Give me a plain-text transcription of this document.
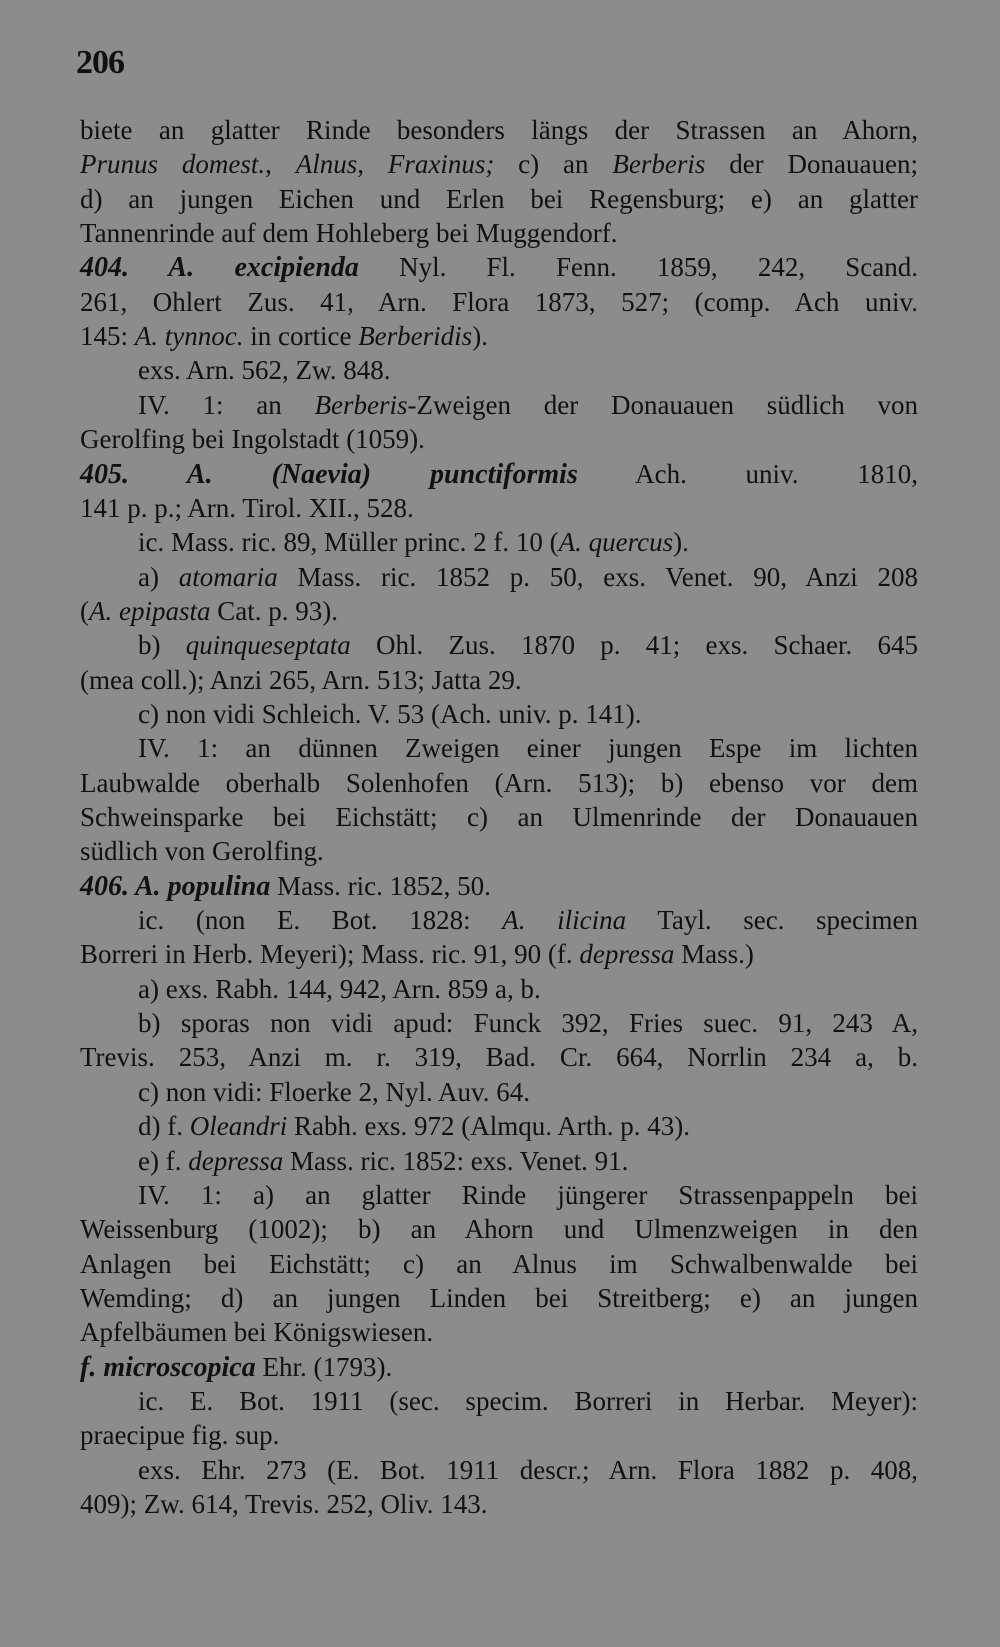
206
biete an glatter Rinde besonders längs der Strassen an Ahorn,
Prunus domest., Alnus, Fraxinus; c) an Berberis der Donauauen;
d) an jungen Eichen und Erlen bei Regensburg; e) an glatter
Tannenrinde auf dem Hohleberg bei Muggendorf.
404. A. excipienda Nyl. Fl. Fenn. 1859, 242, Scand.
261, Ohlert Zus. 41, Arn. Flora 1873, 527; (comp. Ach univ.
145: A. tynnoc. in cortice Berberidis).
exs. Arn. 562, Zw. 848.
IV. 1: an Berberis-Zweigen der Donauauen südlich von
Gerolfing bei Ingolstadt (1059).
405. A. (Naevia) punctiformis Ach. univ. 1810,
141 p. p.; Arn. Tirol. XII., 528.
ic. Mass. ric. 89, Müller princ. 2 f. 10 (A. quercus).
a) atomaria Mass. ric. 1852 p. 50, exs. Venet. 90, Anzi 208
(A. epipasta Cat. p. 93).
b) quinqueseptata Ohl. Zus. 1870 p. 41; exs. Schaer. 645
(mea coll.); Anzi 265, Arn. 513; Jatta 29.
c) non vidi Schleich. V. 53 (Ach. univ. p. 141).
IV. 1: an dünnen Zweigen einer jungen Espe im lichten
Laubwalde oberhalb Solenhofen (Arn. 513); b) ebenso vor dem
Schweinsparke bei Eichstätt; c) an Ulmenrinde der Donauauen
südlich von Gerolfing.
406. A. populina Mass. ric. 1852, 50.
ic. (non E. Bot. 1828: A. ilicina Tayl. sec. specimen
Borreri in Herb. Meyeri); Mass. ric. 91, 90 (f. depressa Mass.)
a) exs. Rabh. 144, 942, Arn. 859 a, b.
b) sporas non vidi apud: Funck 392, Fries suec. 91, 243 A,
Trevis. 253, Anzi m. r. 319, Bad. Cr. 664, Norrlin 234 a, b.
c) non vidi: Floerke 2, Nyl. Auv. 64.
d) f. Oleandri Rabh. exs. 972 (Almqu. Arth. p. 43).
e) f. depressa Mass. ric. 1852: exs. Venet. 91.
IV. 1: a) an glatter Rinde jüngerer Strassenpappeln bei
Weissenburg (1002); b) an Ahorn und Ulmenzweigen in den
Anlagen bei Eichstätt; c) an Alnus im Schwalbenwalde bei
Wemding; d) an jungen Linden bei Streitberg; e) an jungen
Apfelbäumen bei Königswiesen.
f. microscopica Ehr. (1793).
ic. E. Bot. 1911 (sec. specim. Borreri in Herbar. Meyer):
praecipue fig. sup.
exs. Ehr. 273 (E. Bot. 1911 descr.; Arn. Flora 1882 p. 408,
409); Zw. 614, Trevis. 252, Oliv. 143.
